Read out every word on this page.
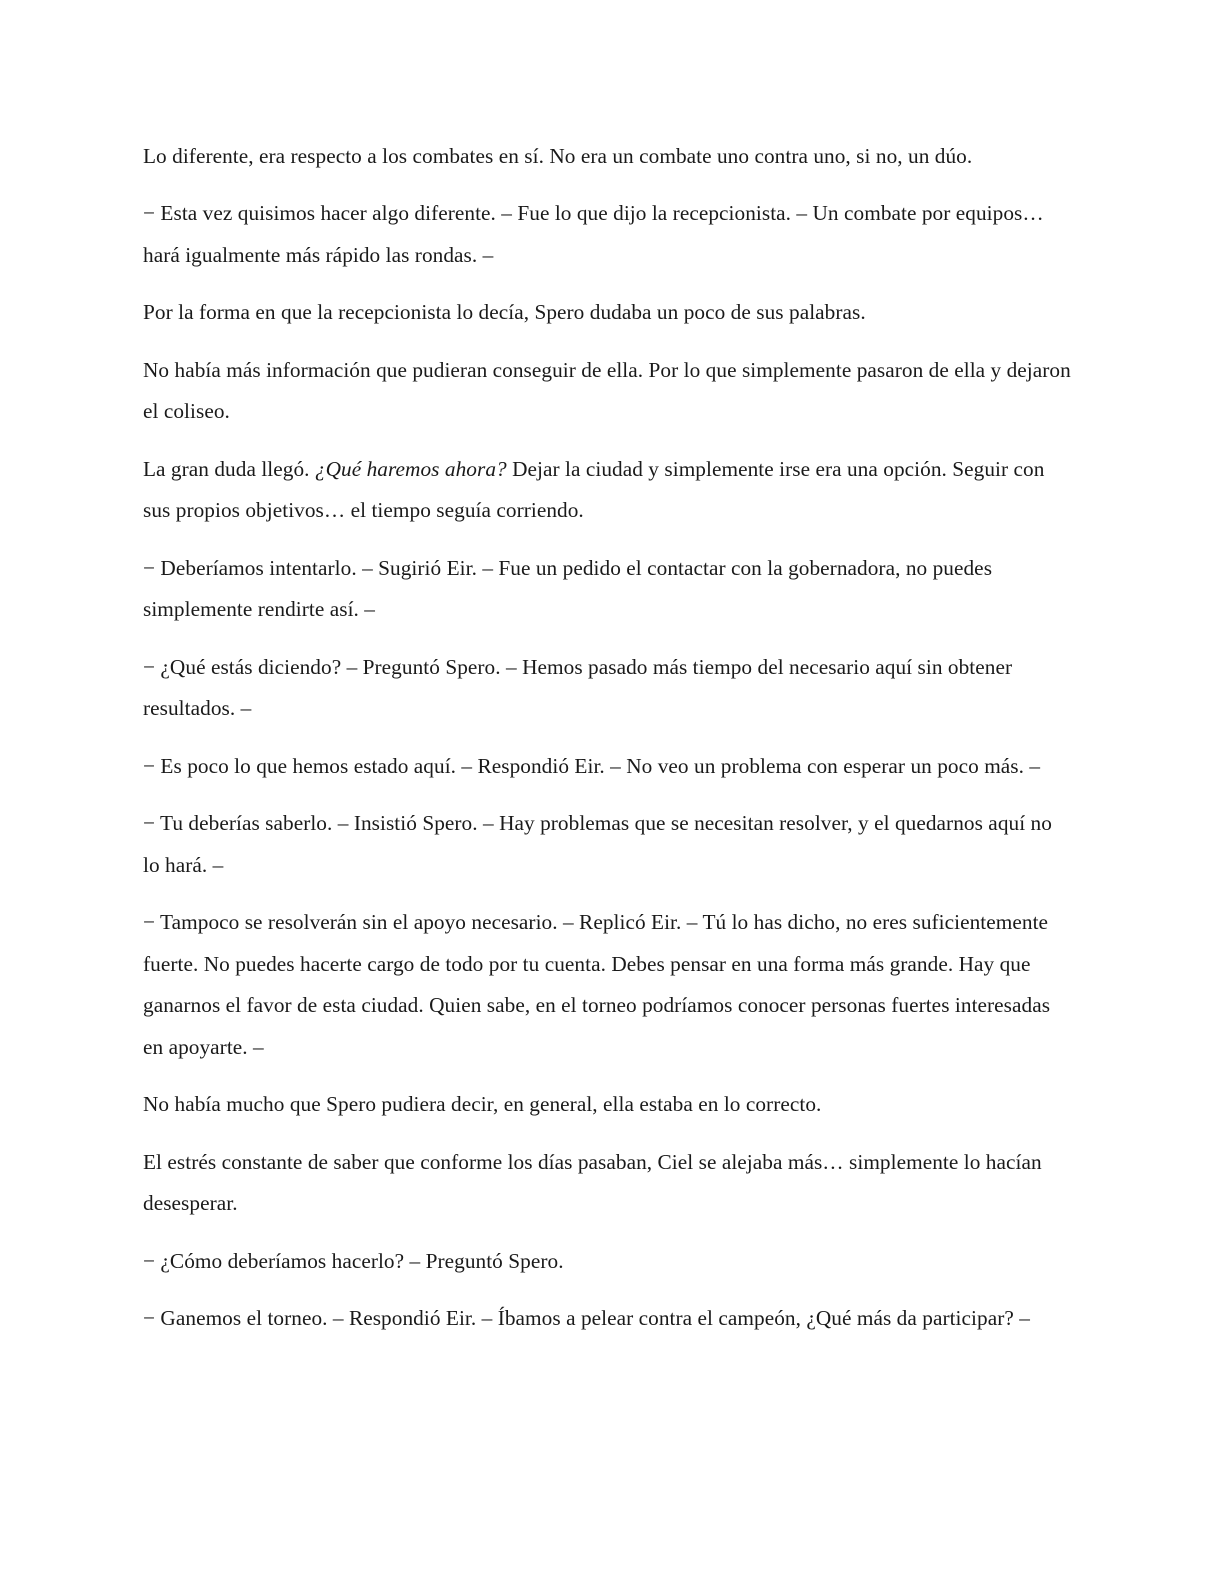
Lo diferente, era respecto a los combates en sí. No era un combate uno contra uno, si no, un dúo.

− Esta vez quisimos hacer algo diferente. – Fue lo que dijo la recepcionista. – Un combate por equipos… hará igualmente más rápido las rondas. –

Por la forma en que la recepcionista lo decía, Spero dudaba un poco de sus palabras.

No había más información que pudieran conseguir de ella. Por lo que simplemente pasaron de ella y dejaron el coliseo.

La gran duda llegó. ¿Qué haremos ahora? Dejar la ciudad y simplemente irse era una opción. Seguir con sus propios objetivos… el tiempo seguía corriendo.

− Deberíamos intentarlo. – Sugirió Eir. – Fue un pedido el contactar con la gobernadora, no puedes simplemente rendirte así. –

− ¿Qué estás diciendo? – Preguntó Spero. – Hemos pasado más tiempo del necesario aquí sin obtener resultados. –

− Es poco lo que hemos estado aquí. – Respondió Eir. – No veo un problema con esperar un poco más. –

− Tu deberías saberlo. – Insistió Spero. – Hay problemas que se necesitan resolver, y el quedarnos aquí no lo hará. –

− Tampoco se resolverán sin el apoyo necesario. – Replicó Eir. – Tú lo has dicho, no eres suficientemente fuerte. No puedes hacerte cargo de todo por tu cuenta. Debes pensar en una forma más grande. Hay que ganarnos el favor de esta ciudad. Quien sabe, en el torneo podríamos conocer personas fuertes interesadas en apoyarte. –

No había mucho que Spero pudiera decir, en general, ella estaba en lo correcto.

El estrés constante de saber que conforme los días pasaban, Ciel se alejaba más… simplemente lo hacían desesperar.

− ¿Cómo deberíamos hacerlo? – Preguntó Spero.

− Ganemos el torneo. – Respondió Eir. – Íbamos a pelear contra el campeón, ¿Qué más da participar? –
